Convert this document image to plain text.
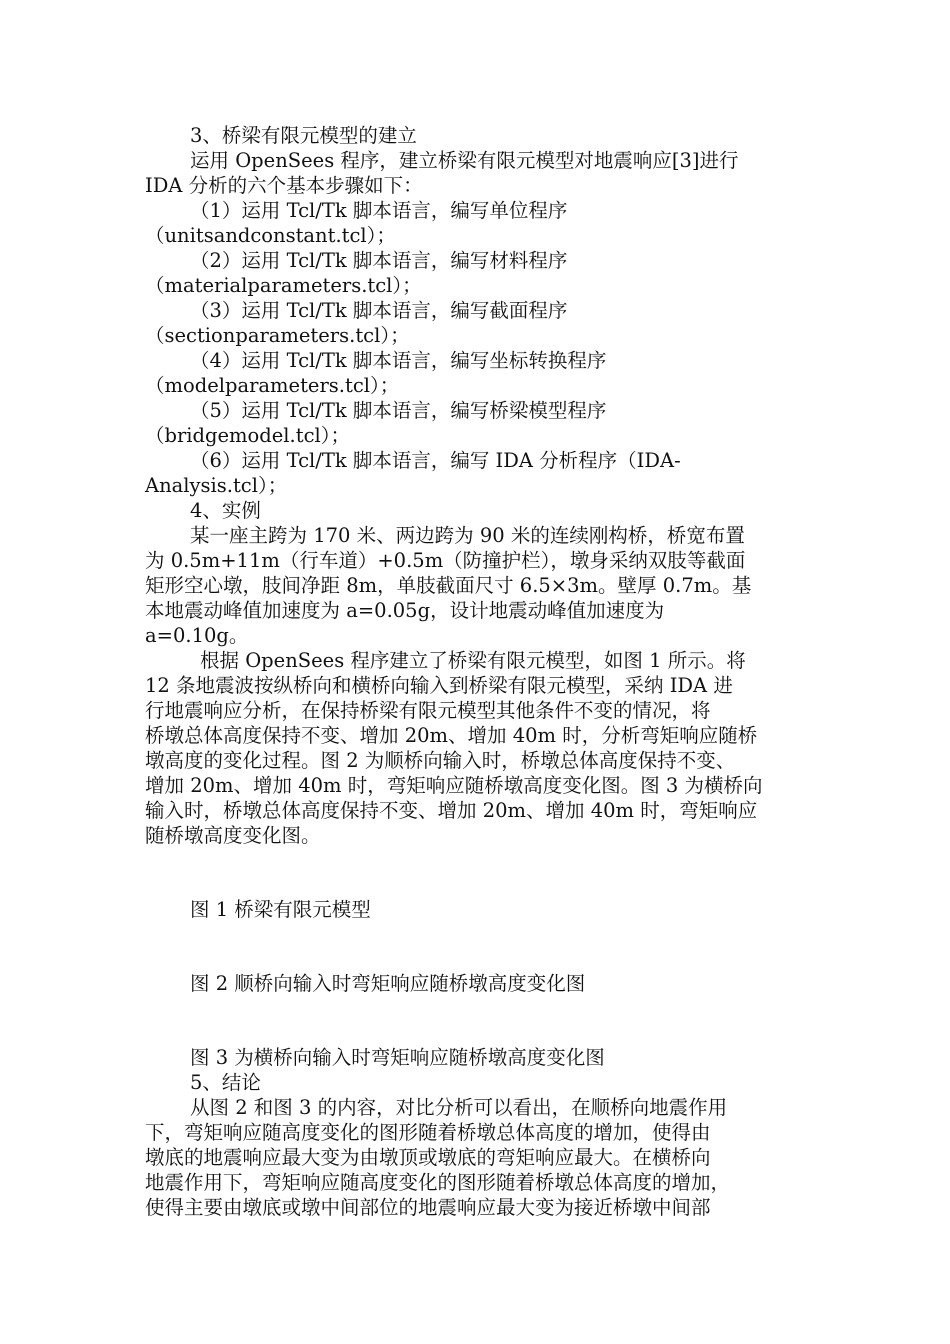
3、桥梁有限元模型的建立
运用 OpenSees 程序，建立桥梁有限元模型对地震响应[3]进行
IDA 分析的六个基本步骤如下：
（1）运用 Tcl/Tk 脚本语言，编写单位程序
（unitsandconstant.tcl）；
（2）运用 Tcl/Tk 脚本语言，编写材料程序
（materialparameters.tcl）；
（3）运用 Tcl/Tk 脚本语言，编写截面程序
（sectionparameters.tcl）；
（4）运用 Tcl/Tk 脚本语言，编写坐标转换程序
（modelparameters.tcl）；
（5）运用 Tcl/Tk 脚本语言，编写桥梁模型程序
（bridgemodel.tcl）；
（6）运用 Tcl/Tk 脚本语言，编写 IDA 分析程序（IDA-
Analysis.tcl）；
4、实例
某一座主跨为 170 米、两边跨为 90 米的连续刚构桥，桥宽布置
为 0.5m+11m（行车道）+0.5m（防撞护栏），墩身采纳双肢等截面
矩形空心墩，肢间净距 8m，单肢截面尺寸 6.5×3m。壁厚 0.7m。基
本地震动峰值加速度为 a=0.05g，设计地震动峰值加速度为
a=0.10g。
根据 OpenSees 程序建立了桥梁有限元模型，如图 1 所示。将
12 条地震波按纵桥向和横桥向输入到桥梁有限元模型，采纳 IDA 进
行地震响应分析，在保持桥梁有限元模型其他条件不变的情况，将
桥墩总体高度保持不变、增加 20m、增加 40m 时，分析弯矩响应随桥
墩高度的变化过程。图 2 为顺桥向输入时，桥墩总体高度保持不变、
增加 20m、增加 40m 时，弯矩响应随桥墩高度变化图。图 3 为横桥向
输入时，桥墩总体高度保持不变、增加 20m、增加 40m 时，弯矩响应
随桥墩高度变化图。
图 1 桥梁有限元模型
图 2 顺桥向输入时弯矩响应随桥墩高度变化图
图 3 为横桥向输入时弯矩响应随桥墩高度变化图
5、结论
从图 2 和图 3 的内容，对比分析可以看出，在顺桥向地震作用
下，弯矩响应随高度变化的图形随着桥墩总体高度的增加，使得由
墩底的地震响应最大变为由墩顶或墩底的弯矩响应最大。在横桥向
地震作用下，弯矩响应随高度变化的图形随着桥墩总体高度的增加，
使得主要由墩底或墩中间部位的地震响应最大变为接近桥墩中间部
